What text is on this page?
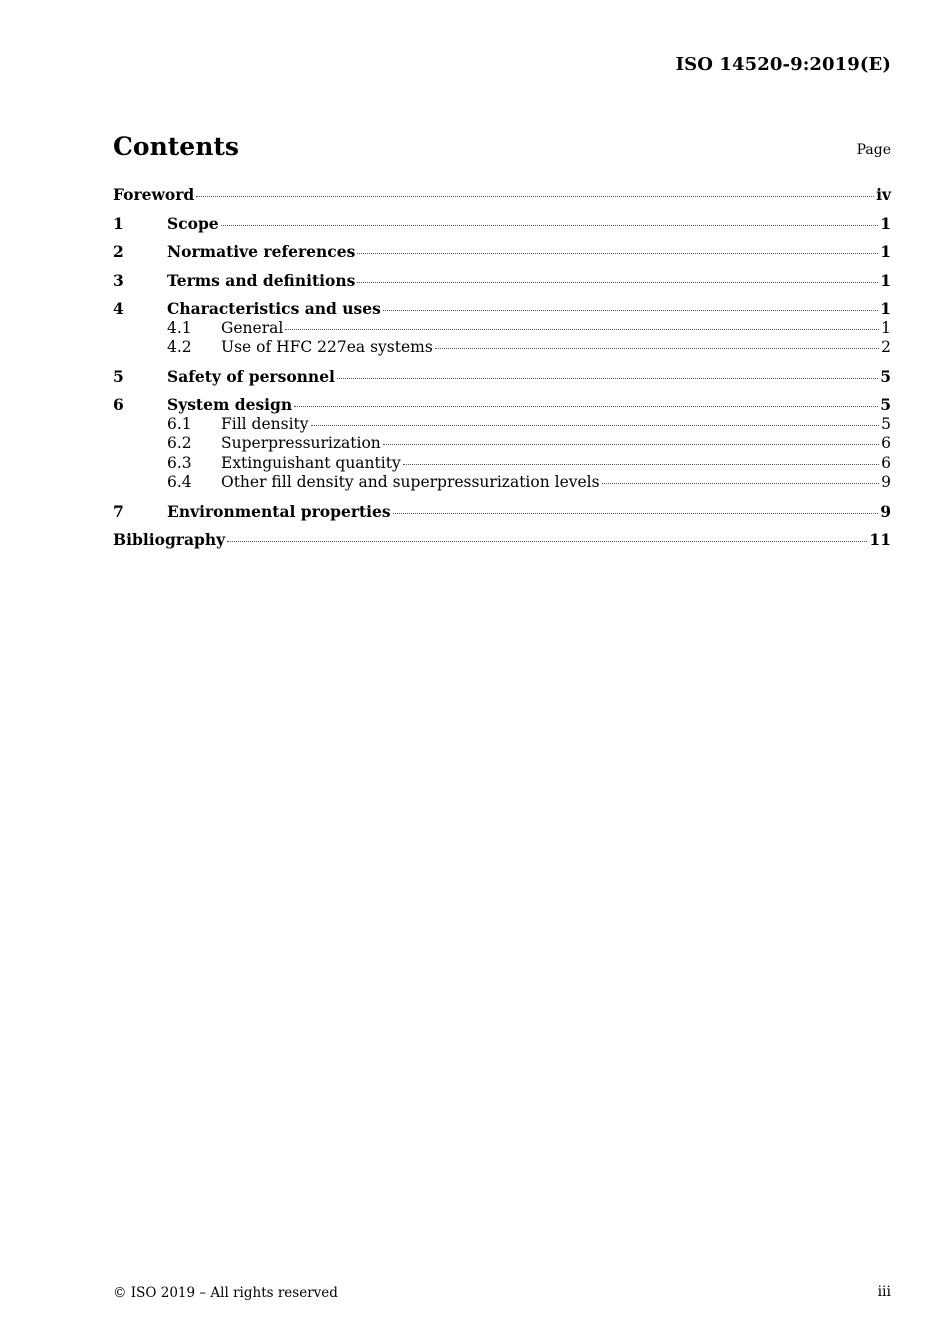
ISO 14520-9:2019(E)
Contents	Page
Foreword	iv
1	Scope	1
2	Normative references	1
3	Terms and definitions	1
4	Characteristics and uses	1
4.1	General	1
4.2	Use of HFC 227ea systems	2
5	Safety of personnel	5
6	System design	5
6.1	Fill density	5
6.2	Superpressurization	6
6.3	Extinguishant quantity	6
6.4	Other fill density and superpressurization levels	9
7	Environmental properties	9
Bibliography	11
© ISO 2019 – All rights reserved	iii
